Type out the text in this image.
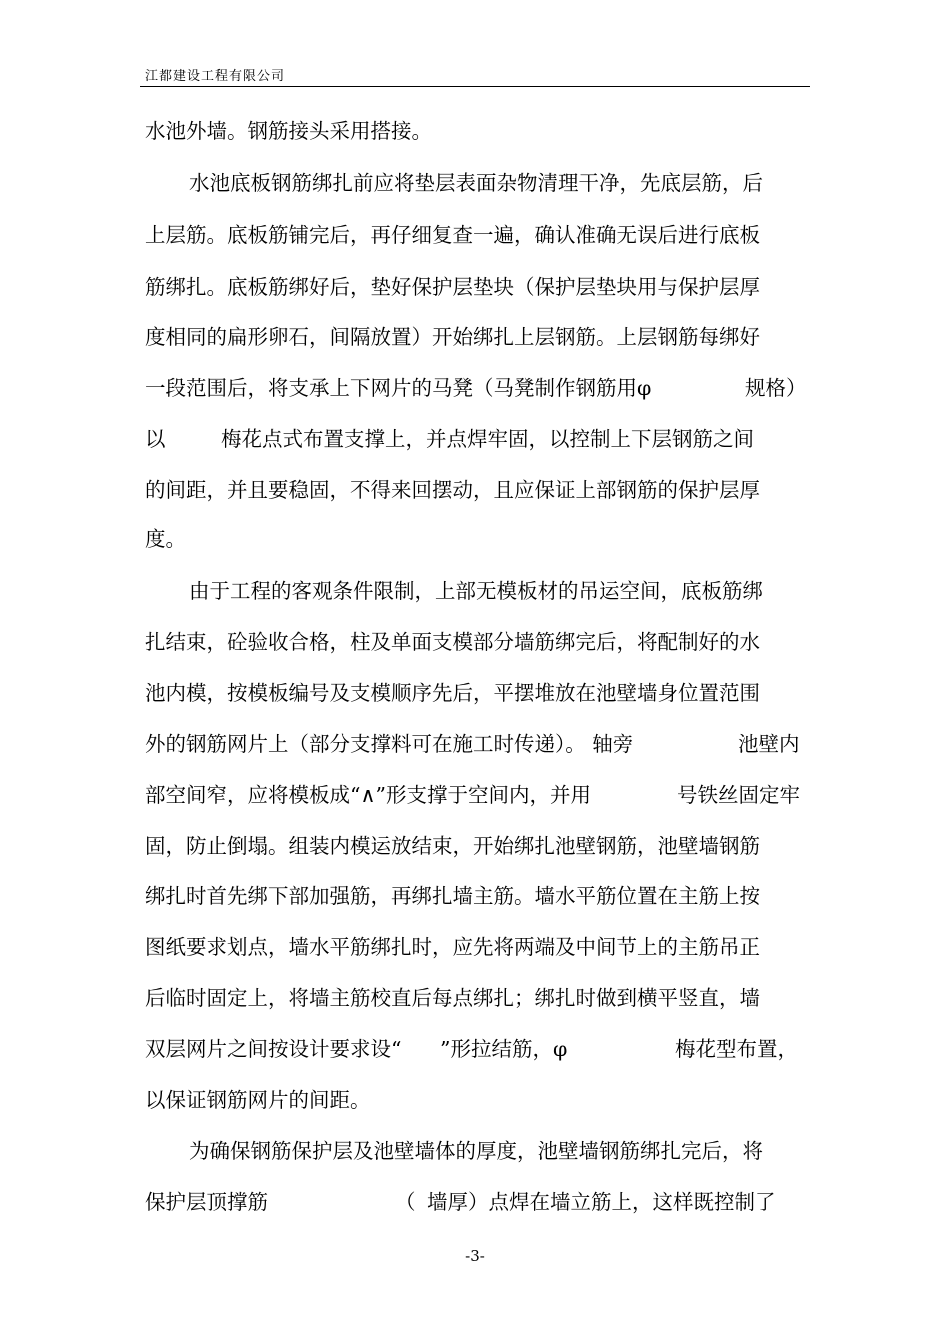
江都建设工程有限公司
水池外墙。钢筋接头采用搭接。
水池底板钢筋绑扎前应将垫层表面杂物清理干净，先底层筋，后
上层筋。底板筋铺完后，再仔细复查一遍，确认准确无误后进行底板
筋绑扎。底板筋绑好后，垫好保护层垫块（保护层垫块用与保护层厚
度相同的扁形卵石，间隔放置）开始绑扎上层钢筋。上层钢筋每绑好
一段范围后，将支承上下网片的马凳（马凳制作钢筋用φ	规格）
以	梅花点式布置支撑上，并点焊牢固，以控制上下层钢筋之间
的间距，并且要稳固，不得来回摆动，且应保证上部钢筋的保护层厚
度。
由于工程的客观条件限制，上部无模板材的吊运空间，底板筋绑
扎结束，砼验收合格，柱及单面支模部分墙筋绑完后，将配制好的水
池内模，按模板编号及支模顺序先后，平摆堆放在池壁墙身位置范围
外的钢筋网片上（部分支撑料可在施工时传递）。 轴旁	池壁内
部空间窄，应将模板成“∧”形支撑于空间内，并用	号铁丝固定牢
固，防止倒塌。组装内模运放结束，开始绑扎池壁钢筋，池壁墙钢筋
绑扎时首先绑下部加强筋，再绑扎墙主筋。墙水平筋位置在主筋上按
图纸要求划点，墙水平筋绑扎时，应先将两端及中间节上的主筋吊正
后临时固定上，将墙主筋校直后每点绑扎；绑扎时做到横平竖直，墙
双层网片之间按设计要求设“ ”形拉结筋，φ	梅花型布置，
以保证钢筋网片的间距。
为确保钢筋保护层及池壁墙体的厚度，池壁墙钢筋绑扎完后，将
保护层顶撑筋	（ 墙厚）点焊在墙立筋上，这样既控制了
-3-
